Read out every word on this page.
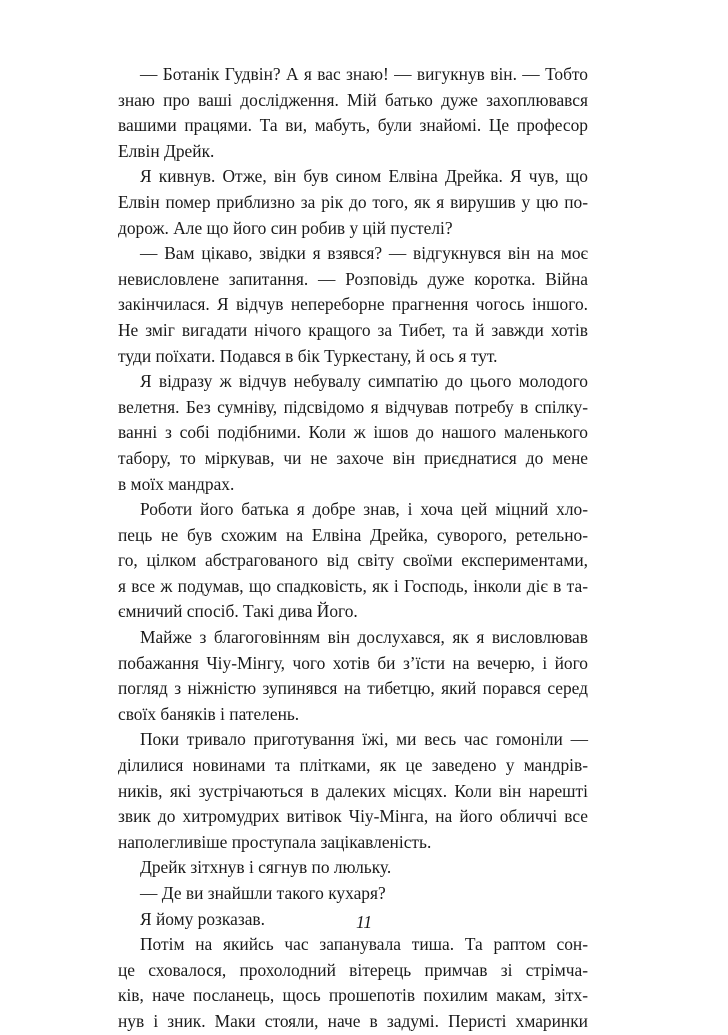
— Ботанік Гудвін? А я вас знаю! — вигукнув він. — Тобто
знаю про ваші дослідження. Мій батько дуже захоплювався
вашими працями. Та ви, мабуть, були знайомі. Це професор
Елвін Дрейк.
Я кивнув. Отже, він був сином Елвіна Дрейка. Я чув, що
Елвін помер приблизно за рік до того, як я вирушив у цю по-
дорож. Але що його син робив у цій пустелі?
— Вам цікаво, звідки я взявся? — відгукнувся він на моє
невисловлене запитання. — Розповідь дуже коротка. Війна
закінчилася. Я відчув непереборне прагнення чогось іншого.
Не зміг вигадати нічого кращого за Тибет, та й завжди хотів
туди поїхати. Подався в бік Туркестану, й ось я тут.
Я відразу ж відчув небувалу симпатію до цього молодого
велетня. Без сумніву, підсвідомо я відчував потребу в спілку-
ванні з собі подібними. Коли ж ішов до нашого маленького
табору, то міркував, чи не захоче він приєднатися до мене
в моїх мандрах.
Роботи його батька я добре знав, і хоча цей міцний хло-
пець не був схожим на Елвіна Дрейка, суворого, ретельно-
го, цілком абстрагованого від світу своїми експериментами,
я все ж подумав, що спадковість, як і Господь, інколи діє в та-
ємничий спосіб. Такі дива Його.
Майже з благоговінням він дослухався, як я висловлював
побажання Чіу-Мінгу, чого хотів би з’їсти на вечерю, і його
погляд з ніжністю зупинявся на тибетцю, який порався серед
своїх баняків і пателень.
Поки тривало приготування їжі, ми весь час гомоніли —
ділилися новинами та плітками, як це заведено у мандрів-
ників, які зустрічаються в далеких місцях. Коли він нарешті
звик до хитромудрих витівок Чіу-Мінга, на його обличчі все
наполегливіше проступала зацікавленість.
Дрейк зітхнув і сягнув по люльку.
— Де ви знайшли такого кухаря?
Я йому розказав.
Потім на якийсь час запанувала тиша. Та раптом сон-
це сховалося, прохолодний вітерець примчав зі стрімча-
ків, наче посланець, щось прошепотів похилим макам, зітх-
нув і зник. Маки стояли, наче в задумі. Перисті хмаринки
11
